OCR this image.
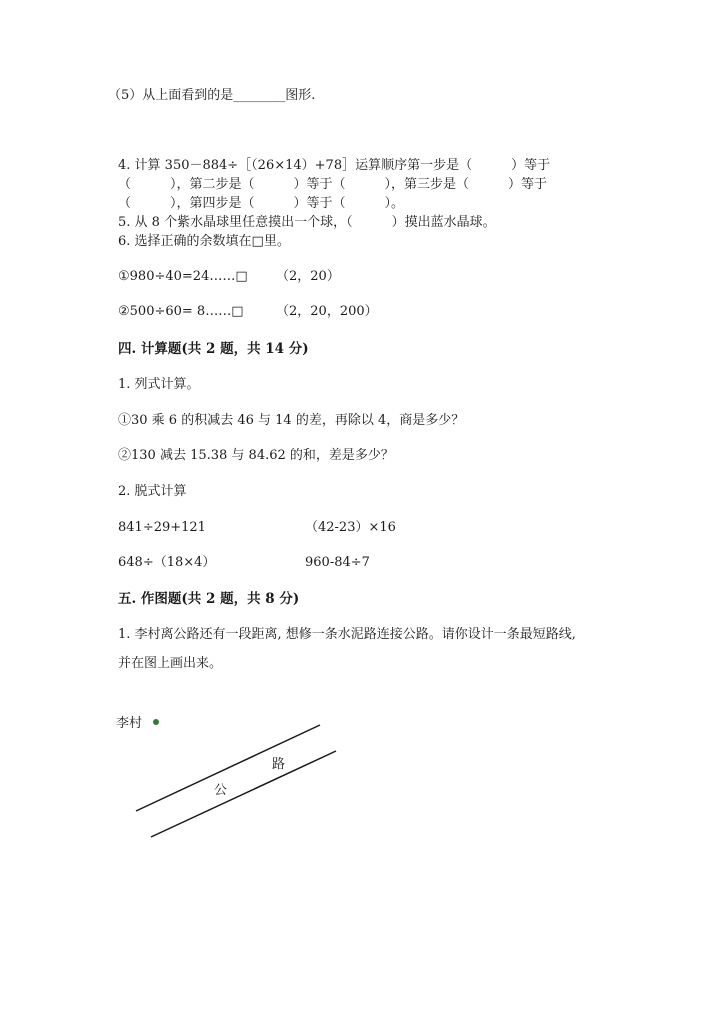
（5）从上面看到的是________图形.
4. 计算 350－884÷［（26×14）+78］运算顺序第一步是（　　　）等于
（　　　），第二步是（　　　）等于（　　　），第三步是（　　　）等于
（　　　），第四步是（　　　）等于（　　　）。
5. 从 8 个紫水晶球里任意摸出一个球，（　　　）摸出蓝水晶球。
6. 选择正确的余数填在□里。
①980÷40=24……□ （2，20）
②500÷60= 8……□	（2，20，200）
四. 计算题(共 2 题，共 14 分)
1. 列式计算。
①30 乘 6 的积减去 46 与 14 的差，再除以 4，商是多少？
②130 减去 15.38 与 84.62 的和，差是多少？
2. 脱式计算
841÷29+121	（42-23）×16
648÷（18×4）	960-84÷7
五. 作图题(共 2 题，共 8 分)
1. 李村离公路还有一段距离, 想修一条水泥路连接公路。请你设计一条最短路线,
并在图上画出来。
李村
公
路
